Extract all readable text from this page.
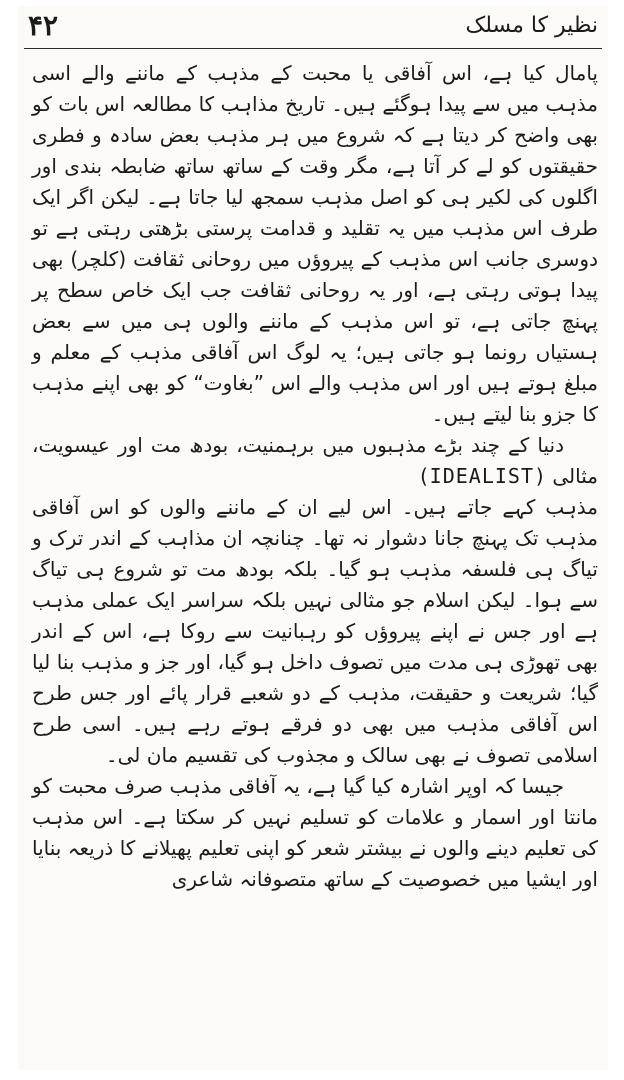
۴۲	نظیر کا مسلک

پامال کیا ہے، اس آفاقی یا محبت کے مذہب کے ماننے والے اسی مذہب میں سے پیدا ہوگئے ہیں۔ تاریخ مذاہب کا مطالعہ اس بات کو بھی واضح کر دیتا ہے کہ شروع میں ہر مذہب بعض سادہ و فطری حقیقتوں کو لے کر آتا ہے، مگر وقت کے ساتھ ساتھ ضابطہ بندی اور اگلوں کی لکیر ہی کو اصل مذہب سمجھ لیا جاتا ہے۔ لیکن اگر ایک طرف اس مذہب میں یہ تقلید و قدامت پرستی بڑھتی رہتی ہے تو دوسری جانب اس مذہب کے پیروؤں میں روحانی ثقافت (کلچر) بھی پیدا ہوتی رہتی ہے، اور یہ روحانی ثقافت جب ایک خاص سطح پر پہنچ جاتی ہے، تو اس مذہب کے ماننے والوں ہی میں سے بعض ہستیاں رونما ہو جاتی ہیں؛ یہ لوگ اس آفاقی مذہب کے معلم و مبلغ ہوتے ہیں اور اس مذہب والے اس ”بغاوت“ کو بھی اپنے مذہب کا جزو بنا لیتے ہیں۔

دنیا کے چند بڑے مذہبوں میں برہمنیت، بودھ مت اور عیسویت، مثالی (IDEALIST)

مذہب کہے جاتے ہیں۔ اس لیے ان کے ماننے والوں کو اس آفاقی مذہب تک پہنچ جانا دشوار نہ تھا۔ چنانچہ ان مذاہب کے اندر ترک و تیاگ ہی فلسفہ مذہب ہو گیا۔ بلکہ بودھ مت تو شروع ہی تیاگ سے ہوا۔ لیکن اسلام جو مثالی نہیں بلکہ سراسر ایک عملی مذہب ہے اور جس نے اپنے پیروؤں کو رہبانیت سے روکا ہے، اس کے اندر بھی تھوڑی ہی مدت میں تصوف داخل ہو گیا، اور جز و مذہب بنا لیا گیا؛ شریعت و حقیقت، مذہب کے دو شعبے قرار پائے اور جس طرح اس آفاقی مذہب میں بھی دو فرقے ہوتے رہے ہیں۔ اسی طرح اسلامی تصوف نے بھی سالک و مجذوب کی تقسیم مان لی۔

جیسا کہ اوپر اشارہ کیا گیا ہے، یہ آفاقی مذہب صرف محبت کو مانتا اور اسمار و علامات کو تسلیم نہیں کر سکتا ہے۔ اس مذہب کی تعلیم دینے والوں نے بیشتر شعر کو اپنی تعلیم پھیلانے کا ذریعہ بنایا اور ایشیا میں خصوصیت کے ساتھ متصوفانہ شاعری
